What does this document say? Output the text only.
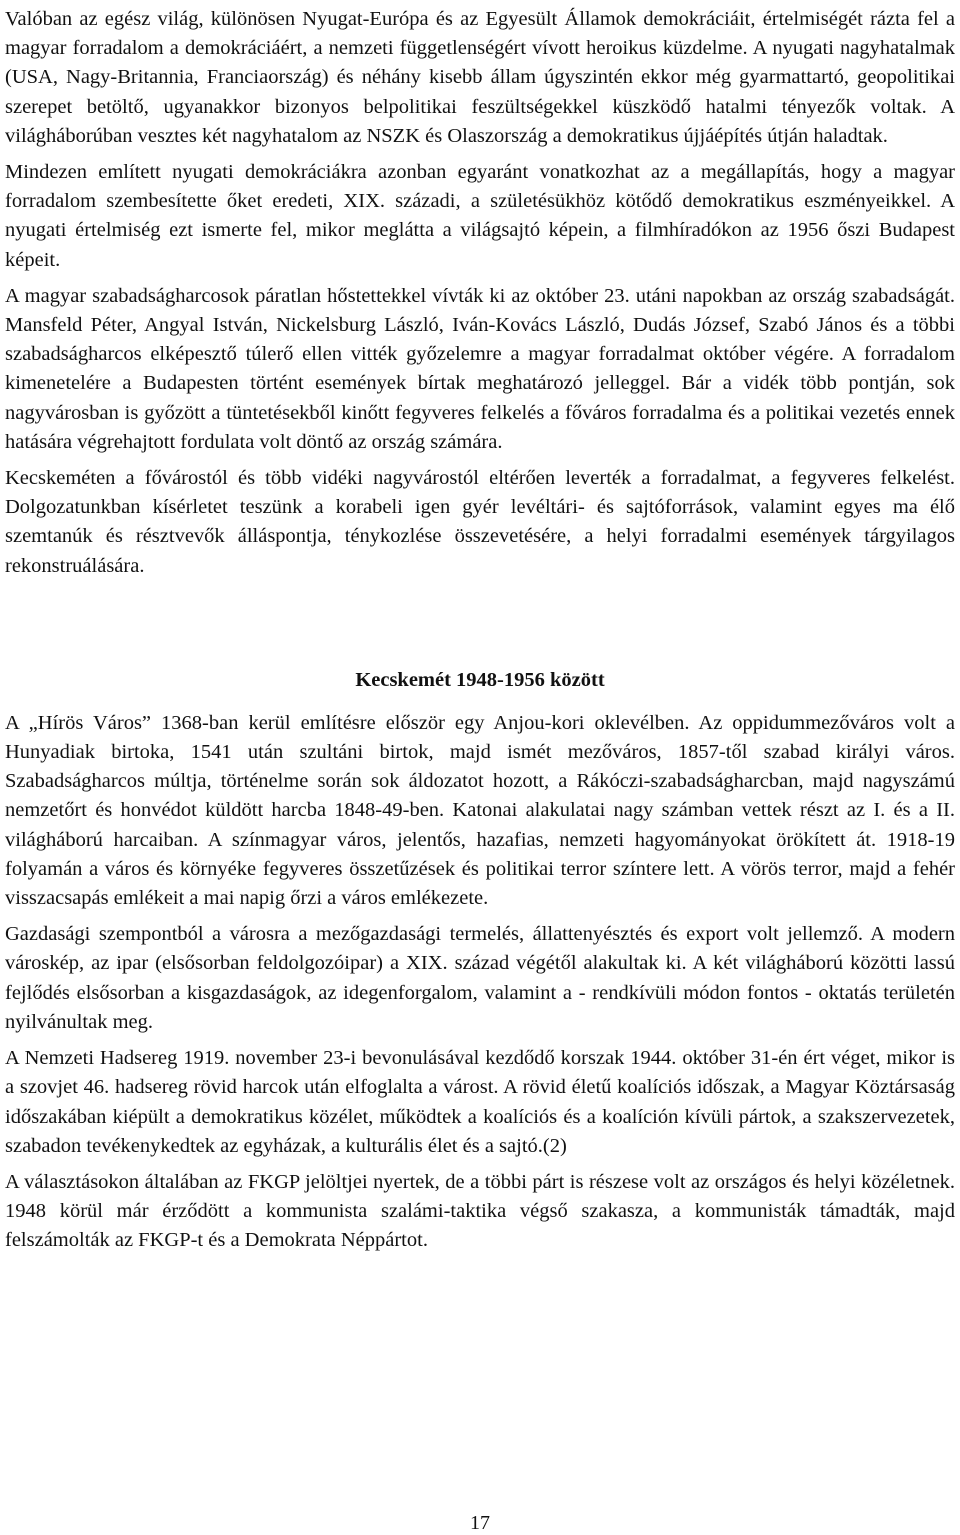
Valóban az egész világ, különösen Nyugat-Európa és az Egyesült Államok demokráciáit, értelmiségét rázta fel a magyar forradalom a demokráciáért, a nemzeti függetlenségért vívott heroikus küzdelme. A nyugati nagyhatalmak (USA, Nagy-Britannia, Franciaország) és néhány kisebb állam úgyszintén ekkor még gyarmattartó, geopolitikai szerepet betöltő, ugyanakkor bizonyos belpolitikai feszültségekkel küszködő hatalmi tényezők voltak. A világháborúban vesztes két nagyhatalom az NSZK és Olaszország a demokratikus újjáépítés útján haladtak.

Mindezen említett nyugati demokráciákra azonban egyaránt vonatkozhat az a megállapítás, hogy a magyar forradalom szembesítette őket eredeti, XIX. századi, a születésükhöz kötődő demokratikus eszményeikkel. A nyugati értelmiség ezt ismerte fel, mikor meglátta a világsajtó képein, a filmhíradókon az 1956 őszi Budapest képeit.

A magyar szabadságharcosok páratlan hőstettekkel vívták ki az október 23. utáni napokban az ország szabadságát. Mansfeld Péter, Angyal István, Nickelsburg László, Iván-Kovács László, Dudás József, Szabó János és a többi szabadságharcos elképesztő túlerő ellen vitték győzelemre a magyar forradalmat október végére. A forradalom kimenetelére a Budapesten történt események bírtak meghatározó jelleggel. Bár a vidék több pontján, sok nagyvárosban is győzött a tüntetésekből kinőtt fegyveres felkelés a főváros forradalma és a politikai vezetés ennek hatására végrehajtott fordulata volt döntő az ország számára.

Kecskeméten a fővárostól és több vidéki nagyvárostól eltérően leverték a forradalmat, a fegyveres felkelést. Dolgozatunkban kísérletet teszünk a korabeli igen gyér levéltári- és sajtóforrások, valamint egyes ma élő szemtanúk és résztvevők álláspontja, ténykozlése összevetésére, a helyi forradalmi események tárgyilagos rekonstruálására.

Kecskemét 1948-1956 között

A „Hírös Város” 1368-ban kerül említésre először egy Anjou-kori oklevélben. Az oppidummezőváros volt a Hunyadiak birtoka, 1541 után szultáni birtok, majd ismét mezőváros, 1857-től szabad királyi város. Szabadságharcos múltja, történelme során sok áldozatot hozott, a Rákóczi-szabadságharcban, majd nagyszámú nemzetőrt és honvédot küldött harcba 1848-49-ben. Katonai alakulatai nagy számban vettek részt az I. és a II. világháború harcaiban. A színmagyar város, jelentős, hazafias, nemzeti hagyományokat örökített át. 1918-19 folyamán a város és környéke fegyveres összetűzések és politikai terror színtere lett. A vörös terror, majd a fehér visszacsapás emlékeit a mai napig őrzi a város emlékezete.

Gazdasági szempontból a városra a mezőgazdasági termelés, állattenyésztés és export volt jellemző. A modern városkép, az ipar (elsősorban feldolgozóipar) a XIX. század végétől alakultak ki. A két világháború közötti lassú fejlődés elsősorban a kisgazdaságok, az idegenforgalom, valamint a - rendkívüli módon fontos - oktatás területén nyilvánultak meg.

A Nemzeti Hadsereg 1919. november 23-i bevonulásával kezdődő korszak 1944. október 31-én ért véget, mikor is a szovjet 46. hadsereg rövid harcok után elfoglalta a várost. A rövid életű koalíciós időszak, a Magyar Köztársaság időszakában kiépült a demokratikus közélet, működtek a koalíciós és a koalíción kívüli pártok, a szakszervezetek, szabadon tevékenykedtek az egyházak, a kulturális élet és a sajtó.(2)

A választásokon általában az FKGP jelöltjei nyertek, de a többi párt is részese volt az országos és helyi közéletnek. 1948 körül már érződött a kommunista szalámi-taktika végső szakasza, a kommunisták támadták, majd felszámolták az FKGP-t és a Demokrata Néppártot.

17
